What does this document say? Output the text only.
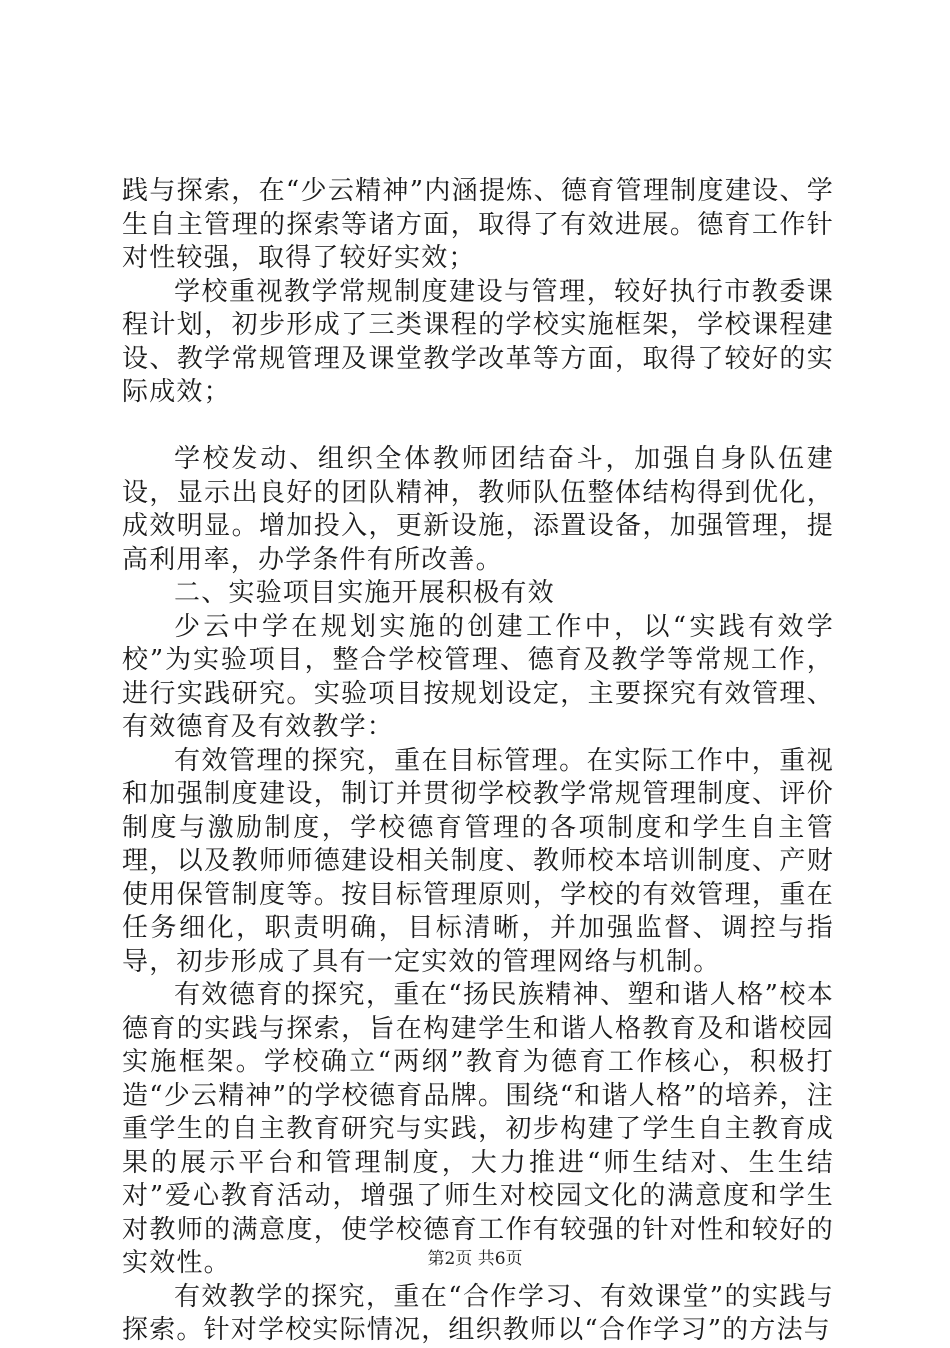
践与探索，在“少云精神”内涵提炼、德育管理制度建设、学生自主管理的探索等诸方面，取得了有效进展。德育工作针对性较强，取得了较好实效；

学校重视教学常规制度建设与管理，较好执行市教委课程计划，初步形成了三类课程的学校实施框架，学校课程建设、教学常规管理及课堂教学改革等方面，取得了较好的实际成效；

学校发动、组织全体教师团结奋斗，加强自身队伍建设，显示出良好的团队精神，教师队伍整体结构得到优化，成效明显。增加投入，更新设施，添置设备，加强管理，提高利用率，办学条件有所改善。

二、实验项目实施开展积极有效

少云中学在规划实施的创建工作中，以“实践有效学校”为实验项目，整合学校管理、德育及教学等常规工作，进行实践研究。实验项目按规划设定，主要探究有效管理、有效德育及有效教学：

有效管理的探究，重在目标管理。在实际工作中，重视和加强制度建设，制订并贯彻学校教学常规管理制度、评价制度与激励制度，学校德育管理的各项制度和学生自主管理，以及教师师德建设相关制度、教师校本培训制度、产财使用保管制度等。按目标管理原则，学校的有效管理，重在任务细化，职责明确，目标清晰，并加强监督、调控与指导，初步形成了具有一定实效的管理网络与机制。

有效德育的探究，重在“扬民族精神、塑和谐人格”校本德育的实践与探索，旨在构建学生和谐人格教育及和谐校园实施框架。学校确立“两纲”教育为德育工作核心，积极打造“少云精神”的学校德育品牌。围绕“和谐人格”的培养，注重学生的自主教育研究与实践，初步构建了学生自主教育成果的展示平台和管理制度，大力推进“师生结对、生生结对”爱心教育活动，增强了师生对校园文化的满意度和学生对教师的满意度，使学校德育工作有较强的针对性和较好的实效性。

有效教学的探究，重在“合作学习、有效课堂”的实践与探索。针对学校实际情况，组织教师以“合作学习”的方法与

第2页 共6页
